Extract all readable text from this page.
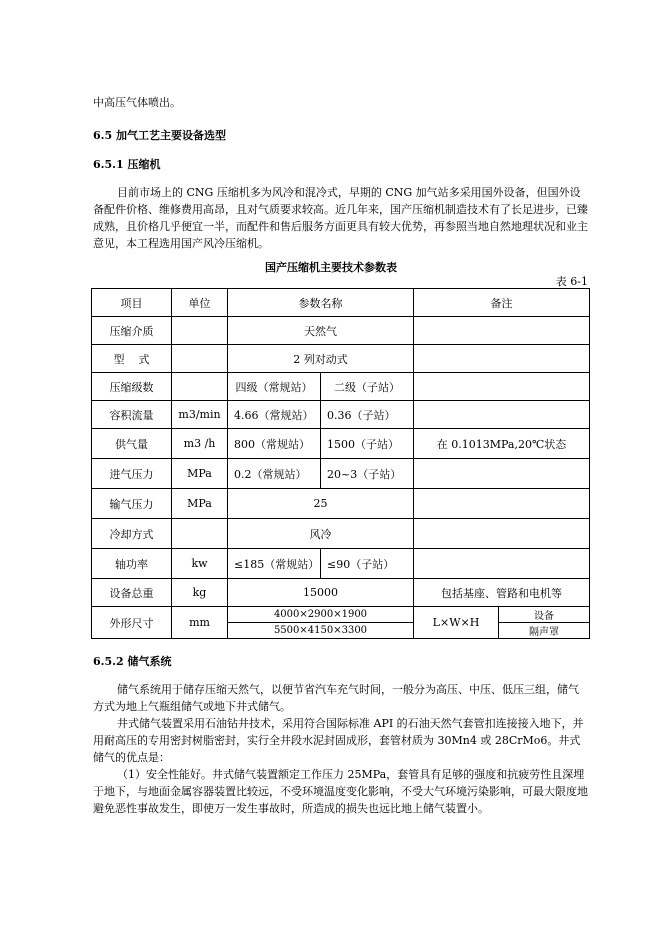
中高压气体喷出。

6.5 加气工艺主要设备选型

6.5.1 压缩机

目前市场上的 CNG 压缩机多为风冷和混冷式，早期的 CNG 加气站多采用国外设备，但国外设备配件价格、维修费用高昂，且对气质要求较高。近几年来，国产压缩机制造技术有了长足进步，已臻成熟，且价格几乎便宜一半，而配件和售后服务方面更具有较大优势，再参照当地自然地理状况和业主意见，本工程选用国产风冷压缩机。

国产压缩机主要技术参数表
表 6-1
项目	单位	参数名称		备注	
压缩介质		天然气			
型    式		2 列对动式			
压缩级数		四级（常规站）	二级（子站）		
容积流量	m3/min	4.66（常规站）	0.36（子站）		
供气量	m3 /h	800（常规站）	1500（子站）	在 0.1013MPa,20℃状态	
进气压力	MPa	0.2（常规站）	20~3（子站）		
输气压力	MPa	25			
冷却方式		风冷			
轴功率	kw	≤185（常规站）	≤90（子站）		
设备总重	kg	15000		包括基座、管路和电机等	
外形尺寸	mm	4000×2900×1900		L×W×H	设备
		5500×4150×3300			隔声罩

6.5.2 储气系统

储气系统用于储存压缩天然气，以便节省汽车充气时间，一般分为高压、中压、低压三组，储气方式为地上气瓶组储气或地下井式储气。

井式储气装置采用石油钻井技术，采用符合国际标准 API 的石油天然气套管扣连接接入地下，并用耐高压的专用密封树脂密封，实行全井段水泥封固成形，套管材质为 30Mn4 或 28CrMo6。井式储气的优点是：

（1）安全性能好。井式储气装置额定工作压力 25MPa，套管具有足够的强度和抗疲劳性且深埋于地下，与地面金属容器装置比较远，不受环境温度变化影响，不受大气环境污染影响，可最大限度地避免恶性事故发生，即使万一发生事故时，所造成的损失也远比地上储气装置小。
